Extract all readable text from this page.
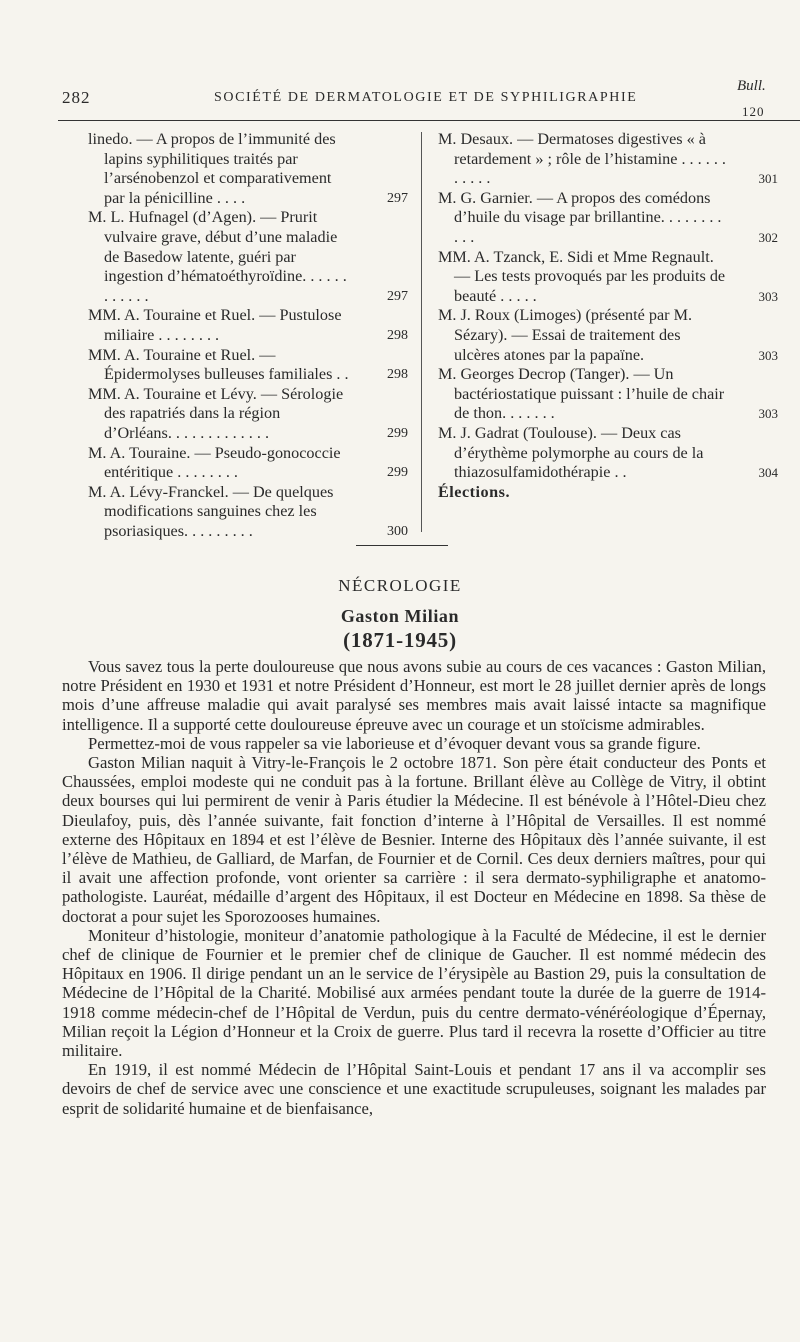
282	SOCIÉTÉ DE DERMATOLOGIE ET DE SYPHILIGRAPHIE
Bull.
120
linedo. — A propos de l’immunité des lapins syphilitiques traités par l’arsénobenzol et comparativement par la pénicilline . . . .	297
M. L. Hufnagel (d’Agen). — Prurit vulvaire grave, début d’une maladie de Basedow latente, guéri par ingestion d’hématoéthyroïdine. . . . . . . . . . . .	297
MM. A. Touraine et Ruel. — Pustulose miliaire . . . . . . . .	298
MM. A. Touraine et Ruel. — Épidermolyses bulleuses familiales . .	298
MM. A. Touraine et Lévy. — Sérologie des rapatriés dans la région d’Orléans. . . . . . . . . . . . .	299
M. A. Touraine. — Pseudo-gonococcie entéritique . . . . . . . .	299
M. A. Lévy-Franckel. — De quelques modifications sanguines chez les psoriasiques. . . . . . . . .	300
M. Desaux. — Dermatoses digestives « à retardement » ; rôle de l’histamine . . . . . . . . . . .	301
M. G. Garnier. — A propos des comédons d’huile du visage par brillantine. . . . . . . . . . .	302
MM. A. Tzanck, E. Sidi et Mme Regnault. — Les tests provoqués par les produits de beauté . . . . .	303
M. J. Roux (Limoges) (présenté par M. Sézary). — Essai de traitement des ulcères atones par la papaïne.	303
M. Georges Decrop (Tanger). — Un bactériostatique puissant : l’huile de chair de thon. . . . . . .	303
M. J. Gadrat (Toulouse). — Deux cas d’érythème polymorphe au cours de la thiazosulfamidothérapie . .	304
Élections.
NÉCROLOGIE
Gaston Milian
(1871-1945)

Vous savez tous la perte douloureuse que nous avons subie au cours de ces vacances : Gaston Milian, notre Président en 1930 et 1931 et notre Président d’Honneur, est mort le 28 juillet dernier après de longs mois d’une affreuse maladie qui avait paralysé ses membres mais avait laissé intacte sa magnifique intelligence. Il a supporté cette douloureuse épreuve avec un courage et un stoïcisme admirables.

Permettez-moi de vous rappeler sa vie laborieuse et d’évoquer devant vous sa grande figure.

Gaston Milian naquit à Vitry-le-François le 2 octobre 1871. Son père était conducteur des Ponts et Chaussées, emploi modeste qui ne conduit pas à la fortune. Brillant élève au Collège de Vitry, il obtint deux bourses qui lui permirent de venir à Paris étudier la Médecine. Il est bénévole à l’Hôtel-Dieu chez Dieulafoy, puis, dès l’année suivante, fait fonction d’interne à l’Hôpital de Versailles. Il est nommé externe des Hôpitaux en 1894 et est l’élève de Besnier. Interne des Hôpitaux dès l’année suivante, il est l’élève de Mathieu, de Galliard, de Marfan, de Fournier et de Cornil. Ces deux derniers maîtres, pour qui il avait une affection profonde, vont orienter sa carrière : il sera dermato-syphiligraphe et anatomo-pathologiste. Lauréat, médaille d’argent des Hôpitaux, il est Docteur en Médecine en 1898. Sa thèse de doctorat a pour sujet les Sporozooses humaines.

Moniteur d’histologie, moniteur d’anatomie pathologique à la Faculté de Médecine, il est le dernier chef de clinique de Fournier et le premier chef de clinique de Gaucher. Il est nommé médecin des Hôpitaux en 1906. Il dirige pendant un an le service de l’érysipèle au Bastion 29, puis la consultation de Médecine de l’Hôpital de la Charité. Mobilisé aux armées pendant toute la durée de la guerre de 1914-1918 comme médecin-chef de l’Hôpital de Verdun, puis du centre dermato-vénéréologique d’Épernay, Milian reçoit la Légion d’Honneur et la Croix de guerre. Plus tard il recevra la rosette d’Officier au titre militaire.

En 1919, il est nommé Médecin de l’Hôpital Saint-Louis et pendant 17 ans il va accomplir ses devoirs de chef de service avec une conscience et une exactitude scrupuleuses, soignant les malades par esprit de solidarité humaine et de bienfaisance,
